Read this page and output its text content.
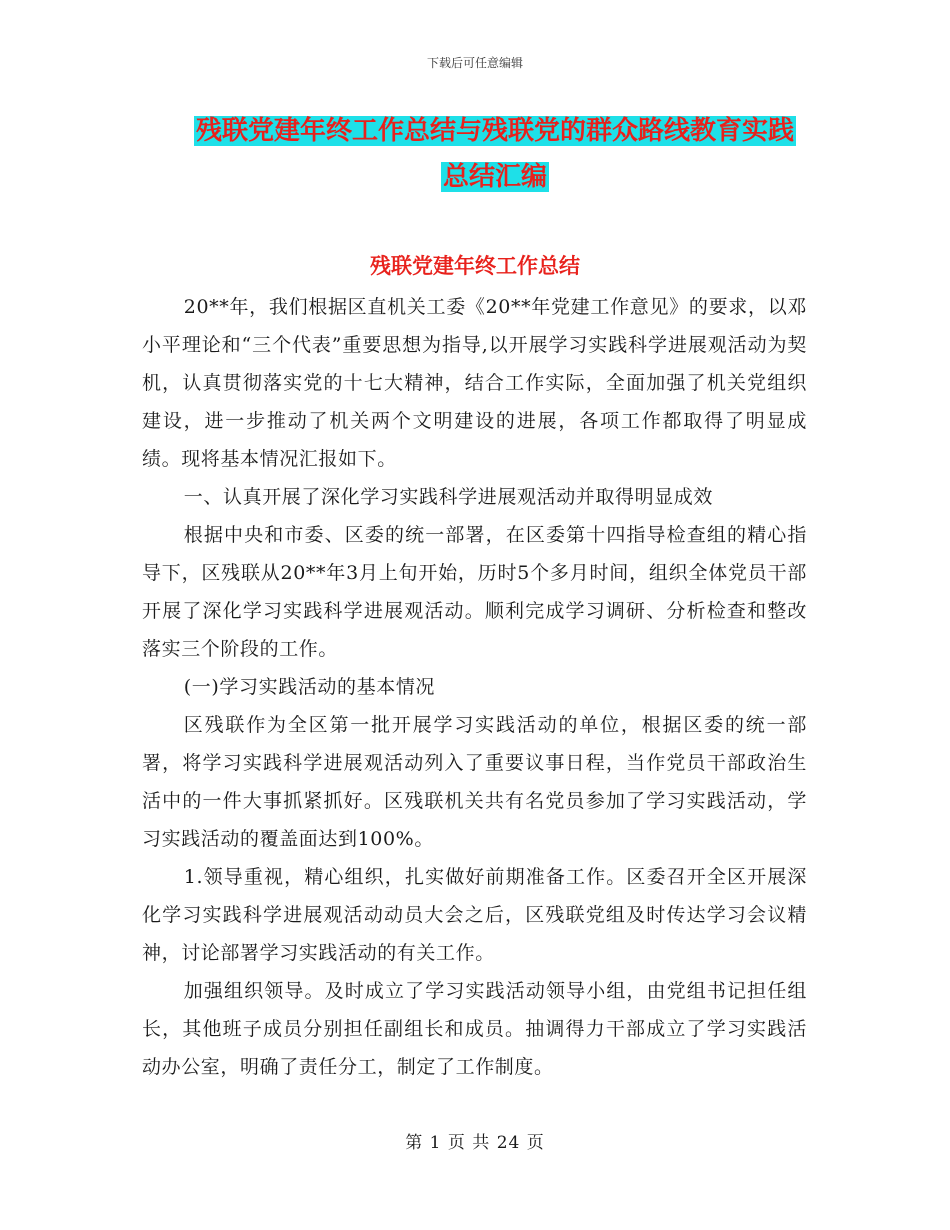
下载后可任意编辑
残联党建年终工作总结与残联党的群众路线教育实践
总结汇编
残联党建年终工作总结

20**年，我们根据区直机关工委《20**年党建工作意见》的要求，以邓小平理论和“三个代表”重要思想为指导,以开展学习实践科学进展观活动为契机，认真贯彻落实党的十七大精神，结合工作实际，全面加强了机关党组织建设，进一步推动了机关两个文明建设的进展，各项工作都取得了明显成绩。现将基本情况汇报如下。

一、认真开展了深化学习实践科学进展观活动并取得明显成效

根据中央和市委、区委的统一部署，在区委第十四指导检查组的精心指导下，区残联从20**年3月上旬开始，历时5个多月时间，组织全体党员干部开展了深化学习实践科学进展观活动。顺利完成学习调研、分析检查和整改落实三个阶段的工作。

(一)学习实践活动的基本情况

区残联作为全区第一批开展学习实践活动的单位，根据区委的统一部署，将学习实践科学进展观活动列入了重要议事日程，当作党员干部政治生活中的一件大事抓紧抓好。区残联机关共有名党员参加了学习实践活动，学习实践活动的覆盖面达到100%。

1.领导重视，精心组织，扎实做好前期准备工作。区委召开全区开展深化学习实践科学进展观活动动员大会之后，区残联党组及时传达学习会议精神，讨论部署学习实践活动的有关工作。

加强组织领导。及时成立了学习实践活动领导小组，由党组书记担任组长，其他班子成员分别担任副组长和成员。抽调得力干部成立了学习实践活动办公室，明确了责任分工，制定了工作制度。

第 1 页 共 24 页
